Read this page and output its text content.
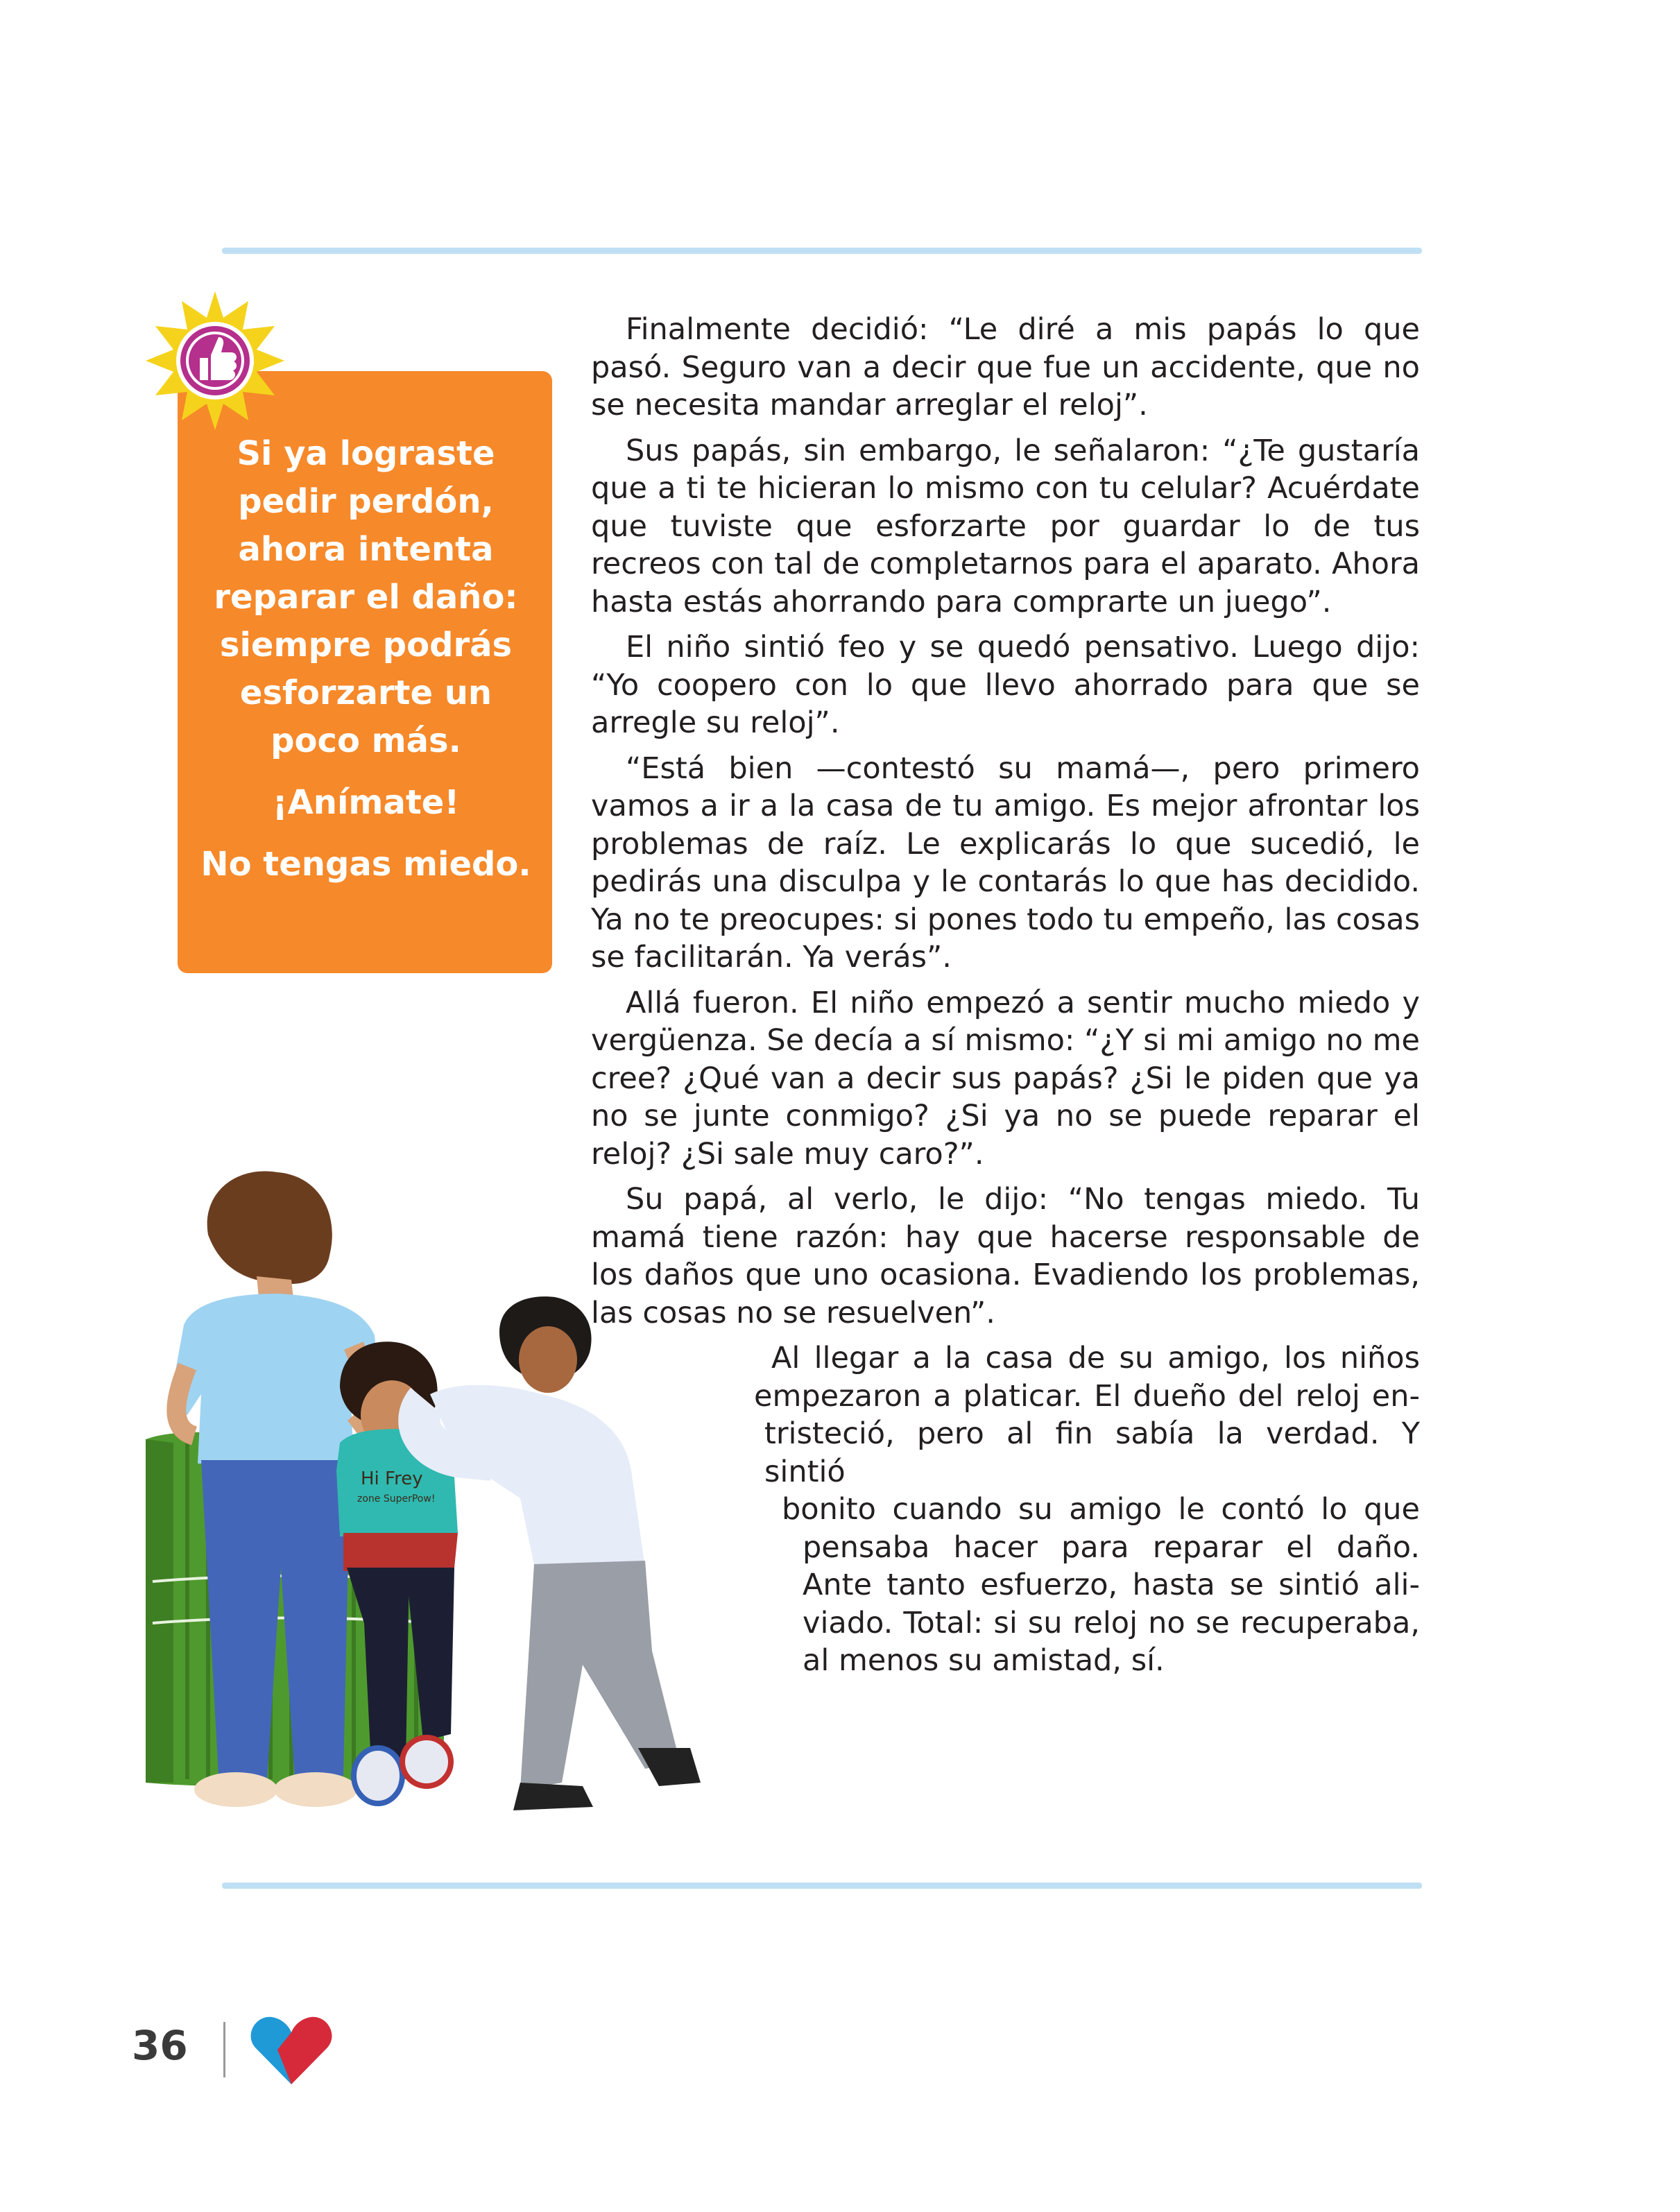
Si ya lograste pedir perdón, ahora intenta reparar el daño: siempre podrás esforzarte un poco más.

¡Anímate!

No tengas miedo.

Finalmente decidió: “Le diré a mis papás lo que pasó. Seguro van a decir que fue un accidente, que no se necesita mandar arreglar el reloj”.

Sus papás, sin embargo, le señalaron: “¿Te gustaría que a ti te hicieran lo mismo con tu celular? Acuérdate que tuviste que esforzarte por guardar lo de tus recreos con tal de completarnos para el aparato. Ahora hasta estás ahorrando para comprarte un juego”.

El niño sintió feo y se quedó pensativo. Luego dijo: “Yo coopero con lo que llevo ahorrado para que se arregle su reloj”.

“Está bien —contestó su mamá—, pero primero vamos a ir a la casa de tu amigo. Es mejor afrontar los problemas de raíz. Le explicarás lo que sucedió, le pedirás una disculpa y le contarás lo que has decidido. Ya no te preocupes: si pones todo tu empeño, las cosas se facilitarán. Ya verás”.

Allá fueron. El niño empezó a sentir mucho miedo y vergüenza. Se decía a sí mismo: “¿Y si mi amigo no me cree? ¿Qué van a decir sus papás? ¿Si le piden que ya no se junte conmigo? ¿Si ya no se puede reparar el reloj? ¿Si sale muy caro?”.

Su papá, al verlo, le dijo: “No tengas miedo. Tu mamá tiene razón: hay que hacerse responsable de los daños que uno ocasiona. Evadiendo los problemas, las cosas no se resuelven”.

Al llegar a la casa de su amigo, los niños
empezaron a platicar. El dueño del reloj en-
tristeció, pero al fin sabía la verdad. Y sintió
bonito cuando su amigo le contó lo que
pensaba hacer para reparar el daño.
Ante tanto esfuerzo, hasta se sintió ali-
viado. Total: si su reloj no se recuperaba,
al menos su amistad, sí.
Hi Frey
zone SuperPow!
36
